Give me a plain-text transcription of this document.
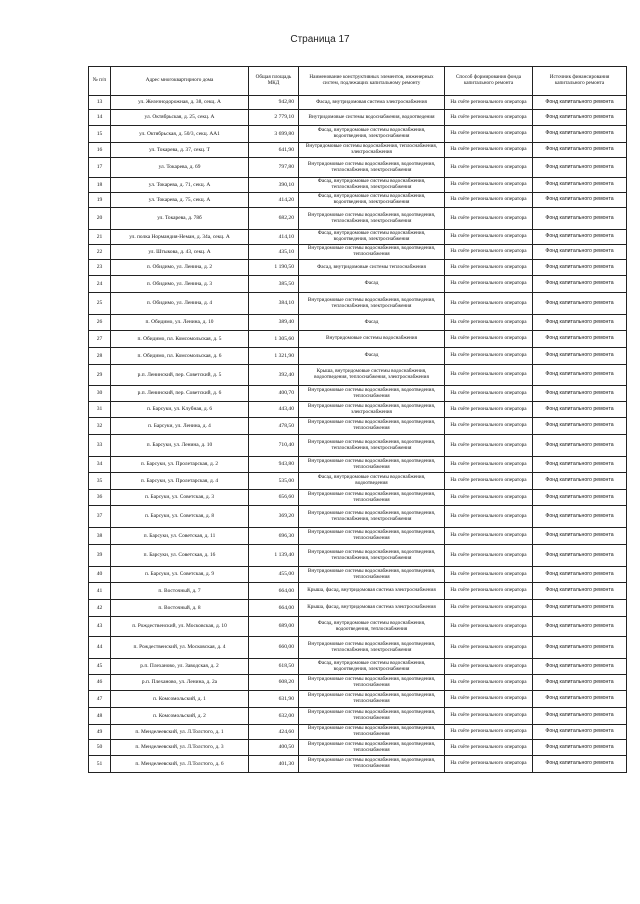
Страница 17
№ п/п	Адрес многоквартирного дома	Общая площадь МКД	Наименование конструктивных элементов, инженерных систем, подлежащих капитальному ремонту	Способ формирования фонда капитального ремонта	Источник финансирования капитального ремонта
13	ул. Железнодорожная, д. 38, секц. А	942,80	Фасад, внутридомовая система электроснабжения	На счёте регионального оператора	Фонд капитального ремонта
14	ул. Октябрьская, д. 25, секц. А	2 779,10	Внутридомовые системы водоснабжения, водоотведения	На счёте регионального оператора	Фонд капитального ремонта
15	ул. Октябрьская, д. 50/3, секц. АА1	3 699,80	Фасад, внутридомовые системы водоснабжения, водоотведения, электроснабжения	На счёте регионального оператора	Фонд капитального ремонта
16	ул. Токарева, д. 37, секц. Т	641,90	Внутридомовые системы водоснабжения, теплоснабжения, электроснабжения	На счёте регионального оператора	Фонд капитального ремонта
17	ул. Токарева, д. 69	797,80	Внутридомовые системы водоснабжения, водоотведения, теплоснабжения, электроснабжения	На счёте регионального оператора	Фонд капитального ремонта
18	ул. Токарева, д. 71, секц. А	390,10	Фасад, внутридомовые системы водоснабжения, теплоснабжения, электроснабжения	На счёте регионального оператора	Фонд капитального ремонта
19	ул. Токарева, д. 75, секц. А	414,20	Фасад, внутридомовые системы водоснабжения, водоотведения, электроснабжения	На счёте регионального оператора	Фонд капитального ремонта
20	ул. Токарева, д. 78б	682,20	Внутридомовые системы водоснабжения, водоотведения, теплоснабжения, электроснабжения	На счёте регионального оператора	Фонд капитального ремонта
21	ул. полка Нормандия-Неман, д. 34а, секц. А	414,10	Фасад, внутридомовые системы водоснабжения, водоотведения, электроснабжения	На счёте регионального оператора	Фонд капитального ремонта
22	ул. Штыкова, д. 43, секц. А	435,10	Внутридомовые системы водоснабжения, водоотведения, теплоснабжения	На счёте регионального оператора	Фонд капитального ремонта
23	п. Обидимо, ул. Ленина, д. 2	1 190,50	Фасад, внутридомовые системы теплоснабжения	На счёте регионального оператора	Фонд капитального ремонта
24	п. Обидимо, ул. Ленина, д. 3	385,50	Фасад	На счёте регионального оператора	Фонд капитального ремонта
25	п. Обидимо, ул. Ленина, д. 4	384,10	Внутридомовые системы водоснабжения, водоотведения, теплоснабжения, электроснабжения	На счёте регионального оператора	Фонд капитального ремонта
26	п. Обидимо, ул. Ленина, д. 10	389,40	Фасад	На счёте регионального оператора	Фонд капитального ремонта
27	п. Обидимо, пл. Комсомольская, д. 5	1 305,60	Внутридомовые системы водоснабжения	На счёте регионального оператора	Фонд капитального ремонта
28	п. Обидимо, пл. Комсомольская, д. 6	1 321,90	Фасад	На счёте регионального оператора	Фонд капитального ремонта
29	р.п. Ленинский, пер. Советский, д. 5	392,40	Крыша, внутридомовые системы водоснабжения, водоотведения, теплоснабжения, электроснабжения	На счёте регионального оператора	Фонд капитального ремонта
30	р.п. Ленинский, пер. Советский, д. 6	400,70	Внутридомовые системы водоснабжения, водоотведения, теплоснабжения	На счёте регионального оператора	Фонд капитального ремонта
31	п. Барсуки, ул. Клубная, д. 6	443,40	Внутридомовые системы водоснабжения, водоотведения, электроснабжения	На счёте регионального оператора	Фонд капитального ремонта
32	п. Барсуки, ул. Ленина, д. 4	478,50	Внутридомовые системы водоснабжения, водоотведения, теплоснабжения	На счёте регионального оператора	Фонд капитального ремонта
33	п. Барсуки, ул. Ленина, д. 10	710,40	Внутридомовые системы водоснабжения, водоотведения, теплоснабжения, электроснабжения	На счёте регионального оператора	Фонд капитального ремонта
34	п. Барсуки, ул. Пролетарская, д. 2	943,80	Внутридомовые системы водоснабжения, водоотведения, теплоснабжения	На счёте регионального оператора	Фонд капитального ремонта
35	п. Барсуки, ул. Пролетарская, д. 4	535,00	Фасад, внутридомовые системы водоснабжения, водоотведения	На счёте регионального оператора	Фонд капитального ремонта
36	п. Барсуки, ул. Советская, д. 3	656,60	Внутридомовые системы водоснабжения, водоотведения, теплоснабжения	На счёте регионального оператора	Фонд капитального ремонта
37	п. Барсуки, ул. Советская, д. 8	369,20	Внутридомовые системы водоснабжения, водоотведения, теплоснабжения, электроснабжения	На счёте регионального оператора	Фонд капитального ремонта
38	п. Барсуки, ул. Советская, д. 11	696,30	Внутридомовые системы водоснабжения, водоотведения, теплоснабжения	На счёте регионального оператора	Фонд капитального ремонта
39	п. Барсуки, ул. Советская, д. 16	1 139,40	Внутридомовые системы водоснабжения, водоотведения, теплоснабжения, электроснабжения	На счёте регионального оператора	Фонд капитального ремонта
40	п. Барсуки, ул. Советская, д. 9	455,00	Внутридомовые системы водоснабжения, водоотведения, теплоснабжения	На счёте регионального оператора	Фонд капитального ремонта
41	п. Восточный, д. 7	664,00	Крыша, фасад, внутридомовая система электроснабжения	На счёте регионального оператора	Фонд капитального ремонта
42	п. Восточный, д. 8	664,00	Крыша, фасад, внутридомовая система электроснабжения	На счёте регионального оператора	Фонд капитального ремонта
43	п. Рождественский, ул. Московская, д. 10	689,00	Фасад, внутридомовые системы водоснабжения, водоотведения, теплоснабжения	На счёте регионального оператора	Фонд капитального ремонта
44	п. Рождественский, ул. Московская, д. 4	660,00	Внутридомовые системы водоснабжения, водоотведения, теплоснабжения, электроснабжения	На счёте регионального оператора	Фонд капитального ремонта
45	р.п. Плеханово, ул. Заводская, д. 2	618,50	Фасад, внутридомовые системы водоснабжения, водоотведения, электроснабжения	На счёте регионального оператора	Фонд капитального ремонта
46	р.п. Плеханово, ул. Ленина, д. 2а	608,20	Внутридомовые системы водоснабжения, водоотведения, теплоснабжения	На счёте регионального оператора	Фонд капитального ремонта
47	п. Комсомольский, д. 1	631,90	Внутридомовые системы водоснабжения, водоотведения, теплоснабжения	На счёте регионального оператора	Фонд капитального ремонта
48	п. Комсомольский, д. 2	632,00	Внутридомовые системы водоснабжения, водоотведения, теплоснабжения	На счёте регионального оператора	Фонд капитального ремонта
49	п. Менделеевский, ул. Л.Толстого, д. 1	424,60	Внутридомовые системы водоснабжения, водоотведения, теплоснабжения	На счёте регионального оператора	Фонд капитального ремонта
50	п. Менделеевский, ул. Л.Толстого, д. 3	400,50	Внутридомовые системы водоснабжения, водоотведения, теплоснабжения	На счёте регионального оператора	Фонд капитального ремонта
51	п. Менделеевский, ул. Л.Толстого, д. 6	401,30	Внутридомовые системы водоснабжения, водоотведения, теплоснабжения	На счёте регионального оператора	Фонд капитального ремонта
